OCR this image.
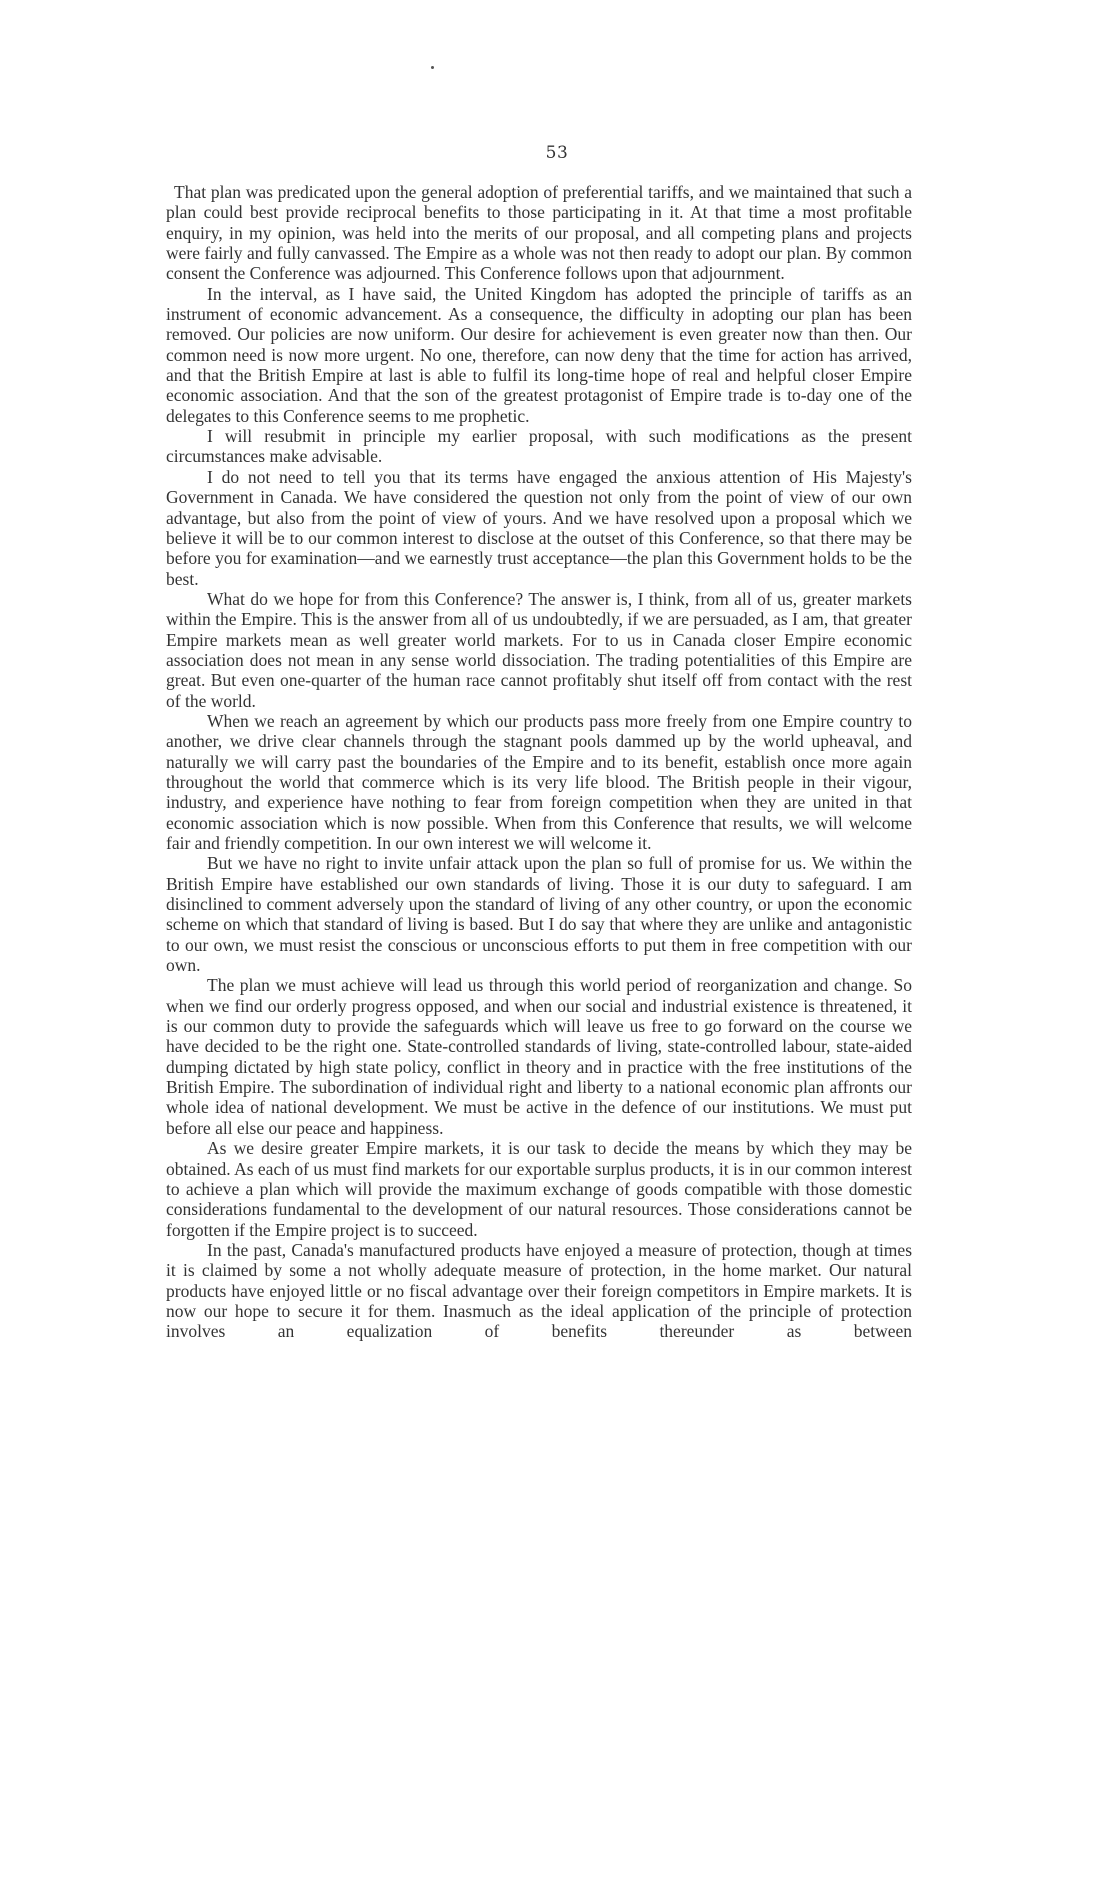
53

That plan was predicated upon the general adoption of preferential tariffs, and we maintained that such a plan could best provide reciprocal benefits to those participating in it. At that time a most profitable enquiry, in my opinion, was held into the merits of our proposal, and all competing plans and projects were fairly and fully canvassed. The Empire as a whole was not then ready to adopt our plan. By common consent the Conference was adjourned. This Conference follows upon that adjournment.

In the interval, as I have said, the United Kingdom has adopted the principle of tariffs as an instrument of economic advancement. As a consequence, the difficulty in adopting our plan has been removed. Our policies are now uniform. Our desire for achievement is even greater now than then. Our common need is now more urgent. No one, therefore, can now deny that the time for action has arrived, and that the British Empire at last is able to fulfil its long-time hope of real and helpful closer Empire economic association. And that the son of the greatest protagonist of Empire trade is to-day one of the delegates to this Conference seems to me prophetic.

I will resubmit in principle my earlier proposal, with such modifications as the present circumstances make advisable.

I do not need to tell you that its terms have engaged the anxious attention of His Majesty's Government in Canada. We have considered the question not only from the point of view of our own advantage, but also from the point of view of yours. And we have resolved upon a proposal which we believe it will be to our common interest to disclose at the outset of this Conference, so that there may be before you for examination—and we earnestly trust acceptance—the plan this Government holds to be the best.

What do we hope for from this Conference? The answer is, I think, from all of us, greater markets within the Empire. This is the answer from all of us undoubtedly, if we are persuaded, as I am, that greater Empire markets mean as well greater world markets. For to us in Canada closer Empire economic association does not mean in any sense world dissociation. The trading potentialities of this Empire are great. But even one-quarter of the human race cannot profitably shut itself off from contact with the rest of the world.

When we reach an agreement by which our products pass more freely from one Empire country to another, we drive clear channels through the stagnant pools dammed up by the world upheaval, and naturally we will carry past the boundaries of the Empire and to its benefit, establish once more again throughout the world that commerce which is its very life blood. The British people in their vigour, industry, and experience have nothing to fear from foreign competition when they are united in that economic association which is now possible. When from this Conference that results, we will welcome fair and friendly competition. In our own interest we will welcome it.

But we have no right to invite unfair attack upon the plan so full of promise for us. We within the British Empire have established our own standards of living. Those it is our duty to safeguard. I am disinclined to comment adversely upon the standard of living of any other country, or upon the economic scheme on which that standard of living is based. But I do say that where they are unlike and antagonistic to our own, we must resist the conscious or unconscious efforts to put them in free competition with our own.

The plan we must achieve will lead us through this world period of reorganization and change. So when we find our orderly progress opposed, and when our social and industrial existence is threatened, it is our common duty to provide the safeguards which will leave us free to go forward on the course we have decided to be the right one. State-controlled standards of living, state-controlled labour, state-aided dumping dictated by high state policy, conflict in theory and in practice with the free institutions of the British Empire. The subordination of individual right and liberty to a national economic plan affronts our whole idea of national development. We must be active in the defence of our institutions. We must put before all else our peace and happiness.

As we desire greater Empire markets, it is our task to decide the means by which they may be obtained. As each of us must find markets for our exportable surplus products, it is in our common interest to achieve a plan which will provide the maximum exchange of goods compatible with those domestic considerations fundamental to the development of our natural resources. Those considerations cannot be forgotten if the Empire project is to succeed.

In the past, Canada's manufactured products have enjoyed a measure of protection, though at times it is claimed by some a not wholly adequate measure of protection, in the home market. Our natural products have enjoyed little or no fiscal advantage over their foreign competitors in Empire markets. It is now our hope to secure it for them. Inasmuch as the ideal application of the principle of protection involves an equalization of benefits thereunder as between
